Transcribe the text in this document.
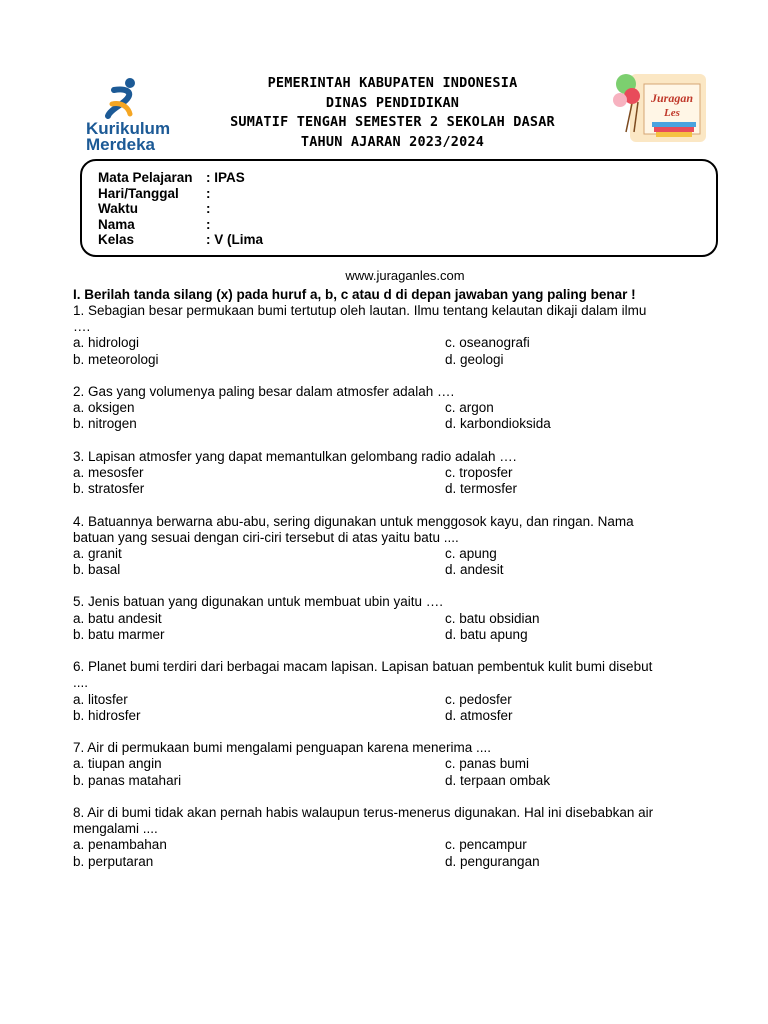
Kurikulum
Merdeka
PEMERINTAH KABUPATEN INDONESIA
DINAS PENDIDIKAN
SUMATIF TENGAH SEMESTER 2 SEKOLAH DASAR
TAHUN AJARAN 2023/2024
Juragan
Les
Mata Pelajaran : IPAS
Hari/Tanggal :
Waktu	:
Nama	:
Kelas	: V (Lima
www.juraganles.com
I. Berilah tanda silang (x) pada huruf a, b, c atau d di depan jawaban yang paling benar !
1. Sebagian besar permukaan bumi tertutup oleh lautan. Ilmu tentang kelautan dikaji dalam ilmu
….
a. hidrologi	c. oseanografi
b. meteorologi	d. geologi
2. Gas yang volumenya paling besar dalam atmosfer adalah ….
a. oksigen	c. argon
b. nitrogen	d. karbondioksida
3. Lapisan atmosfer yang dapat memantulkan gelombang radio adalah ….
a. mesosfer	c. troposfer
b. stratosfer	d. termosfer
4. Batuannya berwarna abu-abu, sering digunakan untuk menggosok kayu, dan ringan. Nama
batuan yang sesuai dengan ciri-ciri tersebut di atas yaitu batu ....
a. granit	c. apung
b. basal	d. andesit
5. Jenis batuan yang digunakan untuk membuat ubin yaitu ….
a. batu andesit	c. batu obsidian
b. batu marmer	d. batu apung
6. Planet bumi terdiri dari berbagai macam lapisan. Lapisan batuan pembentuk kulit bumi disebut
....
a. litosfer	c. pedosfer
b. hidrosfer	d. atmosfer
7. Air di permukaan bumi mengalami penguapan karena menerima ....
a. tiupan angin	c. panas bumi
b. panas matahari	d. terpaan ombak
8. Air di bumi tidak akan pernah habis walaupun terus-menerus digunakan. Hal ini disebabkan air
mengalami ....
a. penambahan	c. pencampur
b. perputaran	d. pengurangan
